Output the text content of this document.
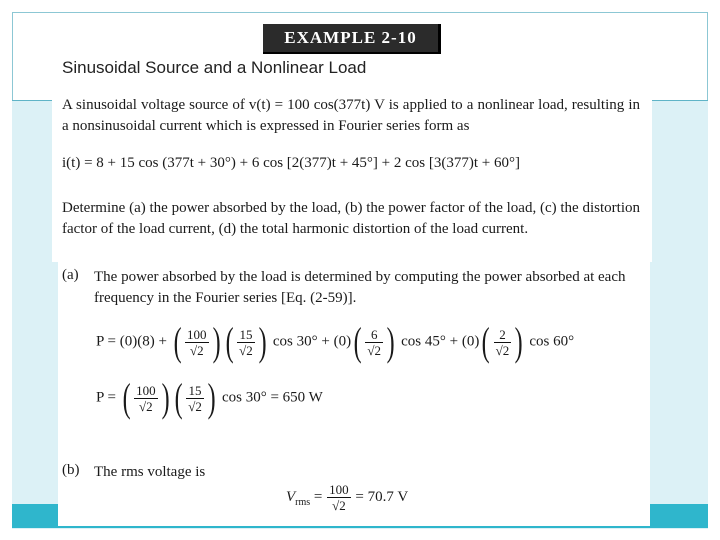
EXAMPLE 2-10
Sinusoidal Source and a Nonlinear Load
A sinusoidal voltage source of v(t) = 100 cos(377t) V is applied to a nonlinear load, resulting in a nonsinusoidal current which is expressed in Fourier series form as
i(t) = 8 + 15 cos (377t + 30°) + 6 cos [2(377)t + 45°] + 2 cos [3(377)t + 60°]
Determine (a) the power absorbed by the load, (b) the power factor of the load, (c) the distortion factor of the load current, (d) the total harmonic distortion of the load current.
(a) The power absorbed by the load is determined by computing the power absorbed at each frequency in the Fourier series [Eq. (2-59)].
P = (0)(8) + ( $\frac{100}{√2}$ ) ( $\frac{15}{√2}$ ) $\cos 30^\circ + (0)( \frac{6}{√2}$ ) $\cos 45^\circ + (0)( \frac{2}{√2}$ ) cos 60°
P = ( $\frac{100}{√2}$ ) ( $\frac{15}{√2}$ ) cos 30° = 650 W
(b) The rms voltage is
$V_{rms} = \frac{100}{√2} = 70.7$ V
